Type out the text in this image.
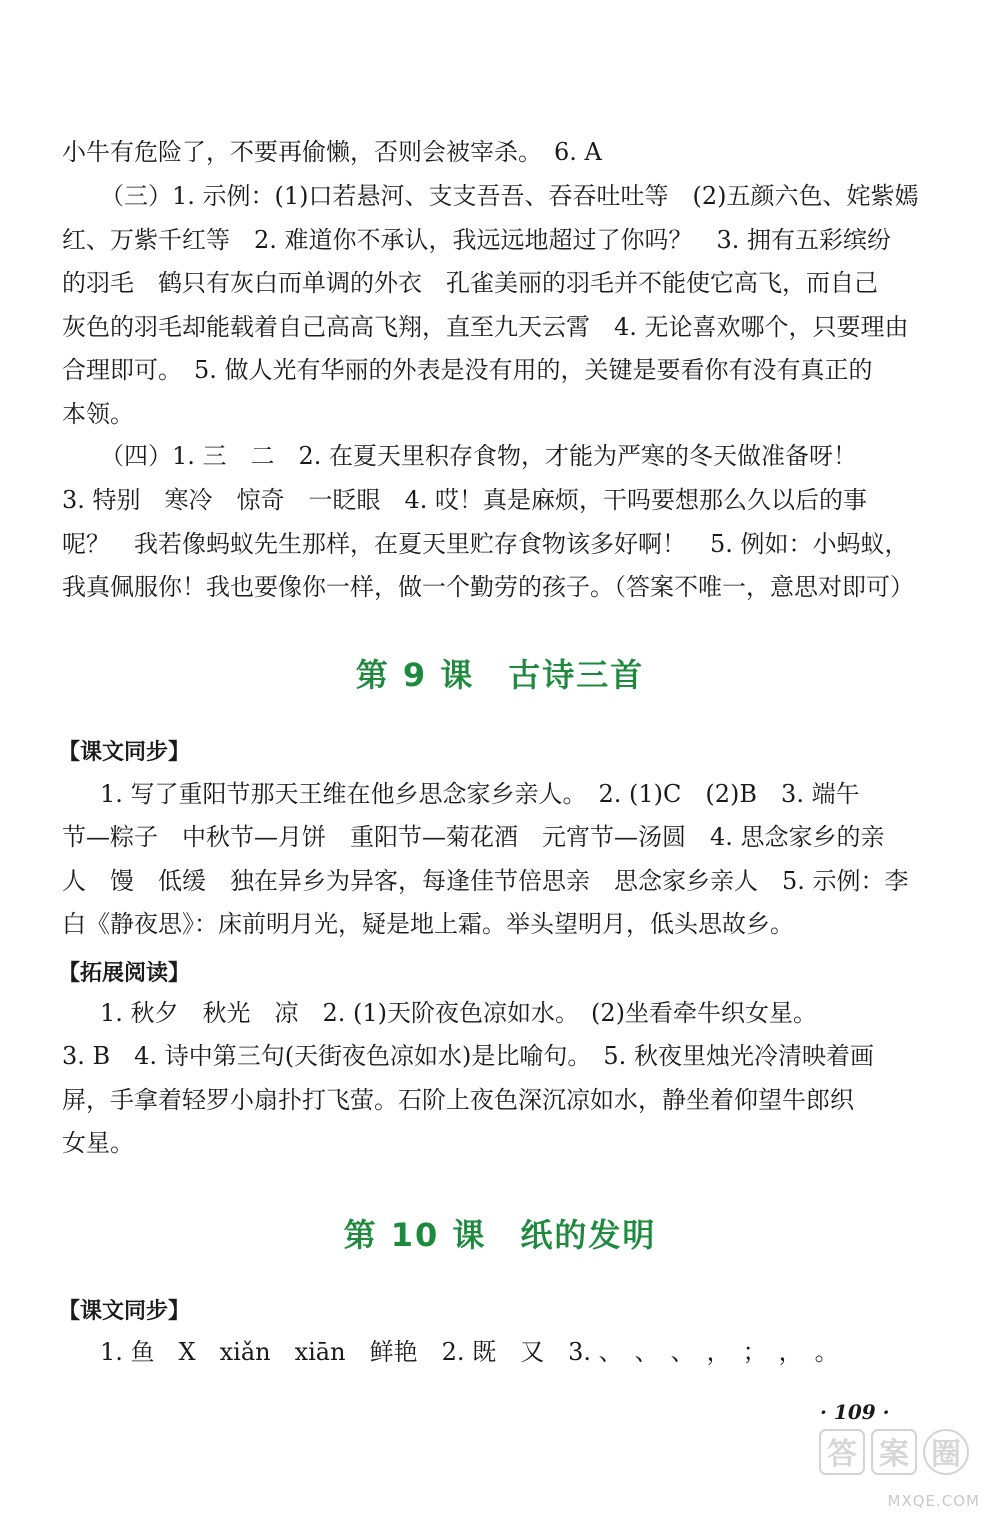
小牛有危险了，不要再偷懒，否则会被宰杀。　6. A
（三）1. 示例：(1)口若悬河、支支吾吾、吞吞吐吐等　(2)五颜六色、姹紫嫣
红、万紫千红等　2. 难道你不承认，我远远地超过了你吗？　3. 拥有五彩缤纷
的羽毛　鹤只有灰白而单调的外衣　孔雀美丽的羽毛并不能使它高飞，而自己
灰色的羽毛却能载着自己高高飞翔，直至九天云霄　4. 无论喜欢哪个，只要理由
合理即可。　5. 做人光有华丽的外表是没有用的，关键是要看你有没有真正的
本领。
（四）1. 三　二　2. 在夏天里积存食物，才能为严寒的冬天做准备呀！
3. 特别　寒冷　惊奇　一眨眼　4. 哎！真是麻烦，干吗要想那么久以后的事
呢？　我若像蚂蚁先生那样，在夏天里贮存食物该多好啊！　5. 例如：小蚂蚁，
我真佩服你！我也要像你一样，做一个勤劳的孩子。（答案不唯一，意思对即可）
第 9 课　古诗三首
【课文同步】
1. 写了重阳节那天王维在他乡思念家乡亲人。　2. (1)C　(2)B　3. 端午
节—粽子　中秋节—月饼　重阳节—菊花酒　元宵节—汤圆　4. 思念家乡的亲
人　馒　低缓　独在异乡为异客，每逢佳节倍思亲　思念家乡亲人　5. 示例：李
白《静夜思》：床前明月光，疑是地上霜。举头望明月，低头思故乡。
【拓展阅读】
1. 秋夕　秋光　凉　2. (1)天阶夜色凉如水。　(2)坐看牵牛织女星。
3. B　4. 诗中第三句(天街夜色凉如水)是比喻句。　5. 秋夜里烛光冷清映着画
屏，手拿着轻罗小扇扑打飞萤。石阶上夜色深沉凉如水，静坐着仰望牛郎织
女星。
第 10 课　纸的发明
【课文同步】
1. 鱼　X　xiǎn　xiān　鲜艳　2. 既　又　3. 、　、　、　，　；　，　。
· 109 ·
答 案 圈
MXQE.COM
